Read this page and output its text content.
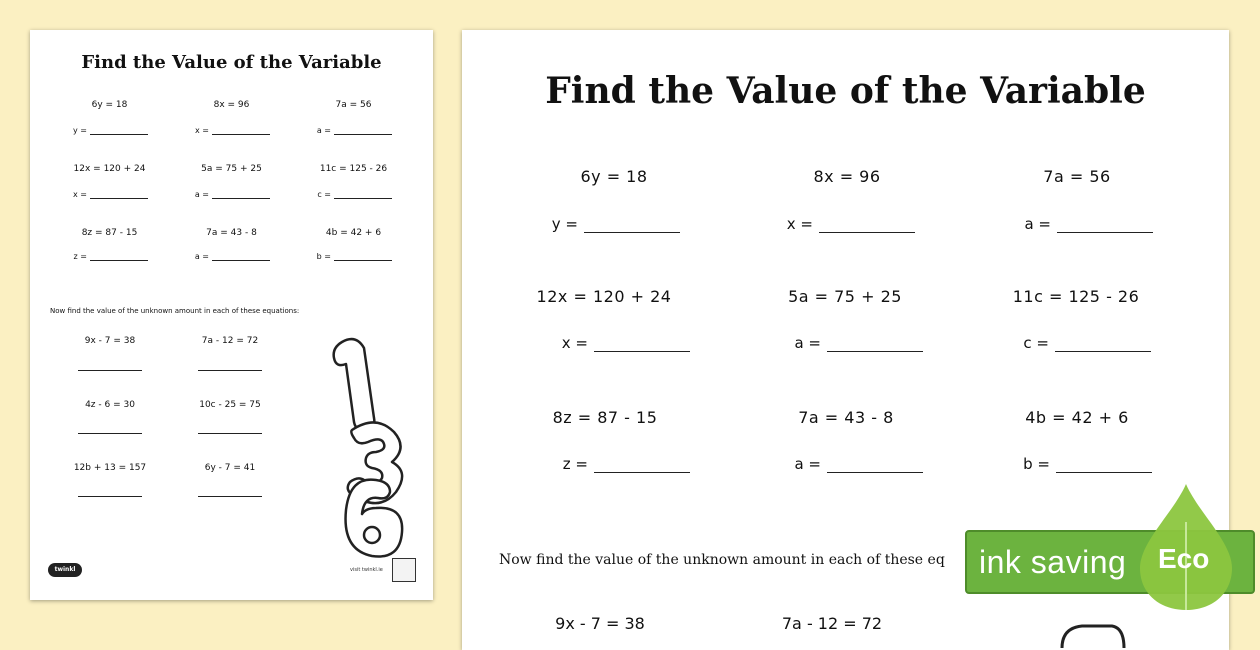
Find the Value of the Variable
6y = 18	8x = 96	7a = 56
y =	x =	a =
12x = 120 + 24	5a = 75 + 25	11c = 125 - 26
x =	a =	c =
8z = 87 - 15	7a = 43 - 8	4b = 42 + 6
z =	a =	b =
Now find the value of the unknown amount in each of these equations:
9x - 7 = 38	7a - 12 = 72
4z - 6 = 30	10c - 25 = 75
12b + 13 = 157	6y - 7 = 41
twinkl	visit twinkl.ie
Find the Value of the Variable
6y = 18	8x = 96	7a = 56
y =	x =	a =
12x = 120 + 24	5a = 75 + 25	11c = 125 - 26
x =	a =	c =
8z = 87 - 15	7a = 43 - 8	4b = 42 + 6
z =	a =	b =
Now find the value of the unknown amount in each of these eq
9x - 7 = 38	7a - 12 = 72
ink saving Eco
